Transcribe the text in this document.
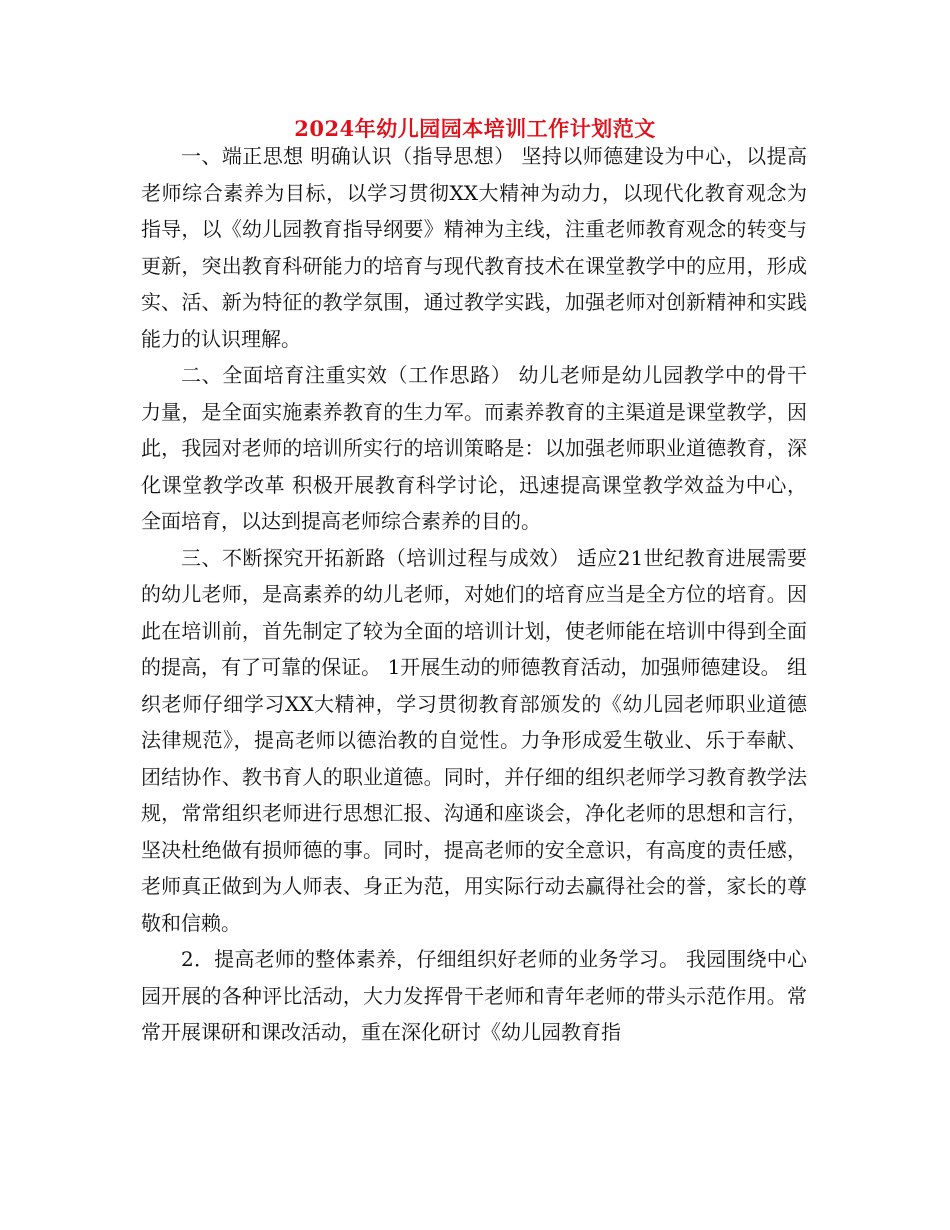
2024年幼儿园园本培训工作计划范文

一、端正思想 明确认识（指导思想） 坚持以师德建设为中心，以提高老师综合素养为目标，以学习贯彻XX大精神为动力，以现代化教育观念为指导，以《幼儿园教育指导纲要》精神为主线，注重老师教育观念的转变与更新，突出教育科研能力的培育与现代教育技术在课堂教学中的应用，形成实、活、新为特征的教学氛围，通过教学实践，加强老师对创新精神和实践能力的认识理解。

二、全面培育注重实效（工作思路） 幼儿老师是幼儿园教学中的骨干力量，是全面实施素养教育的生力军。而素养教育的主渠道是课堂教学，因此，我园对老师的培训所实行的培训策略是：以加强老师职业道德教育，深化课堂教学改革 积极开展教育科学讨论，迅速提高课堂教学效益为中心，全面培育，以达到提高老师综合素养的目的。

三、不断探究开拓新路（培训过程与成效） 适应21世纪教育进展需要的幼儿老师，是高素养的幼儿老师，对她们的培育应当是全方位的培育。因此在培训前，首先制定了较为全面的培训计划，使老师能在培训中得到全面的提高，有了可靠的保证。 1开展生动的师德教育活动，加强师德建设。 组织老师仔细学习XX大精神，学习贯彻教育部颁发的《幼儿园老师职业道德法律规范》，提高老师以德治教的自觉性。力争形成爱生敬业、乐于奉献、团结协作、教书育人的职业道德。同时，并仔细的组织老师学习教育教学法规，常常组织老师进行思想汇报、沟通和座谈会，净化老师的思想和言行，坚决杜绝做有损师德的事。同时，提高老师的安全意识，有高度的责任感，老师真正做到为人师表、身正为范，用实际行动去赢得社会的誉，家长的尊敬和信赖。

2．提高老师的整体素养，仔细组织好老师的业务学习。 我园围绕中心园开展的各种评比活动，大力发挥骨干老师和青年老师的带头示范作用。常常开展课研和课改活动，重在深化研讨《幼儿园教育指
